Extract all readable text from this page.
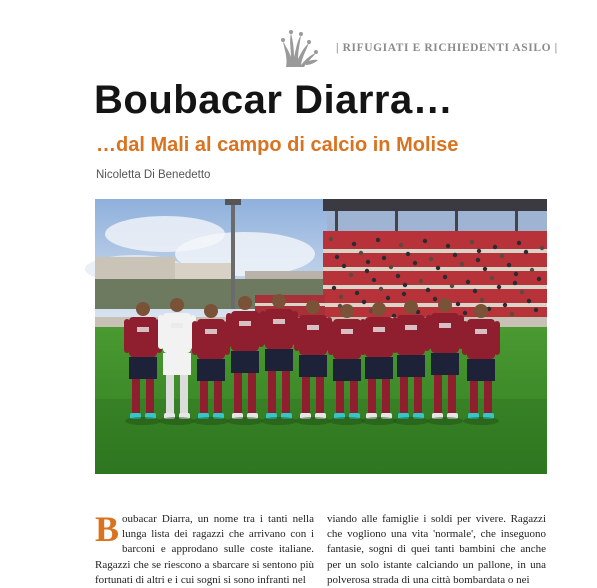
| RIFUGIATI E RICHIEDENTI ASILO |
Boubacar Diarra…
…dal Mali al campo di calcio in Molise

Nicoletta Di Benedetto

Boubacar Diarra, un nome tra i tanti nella lunga lista dei ragazzi che arrivano con i barconi e approdano sulle coste italiane. Ragazzi che se riescono a sbarcare si sentono più fortunati di altri e i cui sogni si sono infranti nel
viando alle famiglie i soldi per vivere. Ragazzi che vogliono una vita 'normale', che inseguono fantasie, sogni di quei tanti bambini che anche per un solo istante calciando un pallone, in una polverosa strada di una città bombardata o nei
